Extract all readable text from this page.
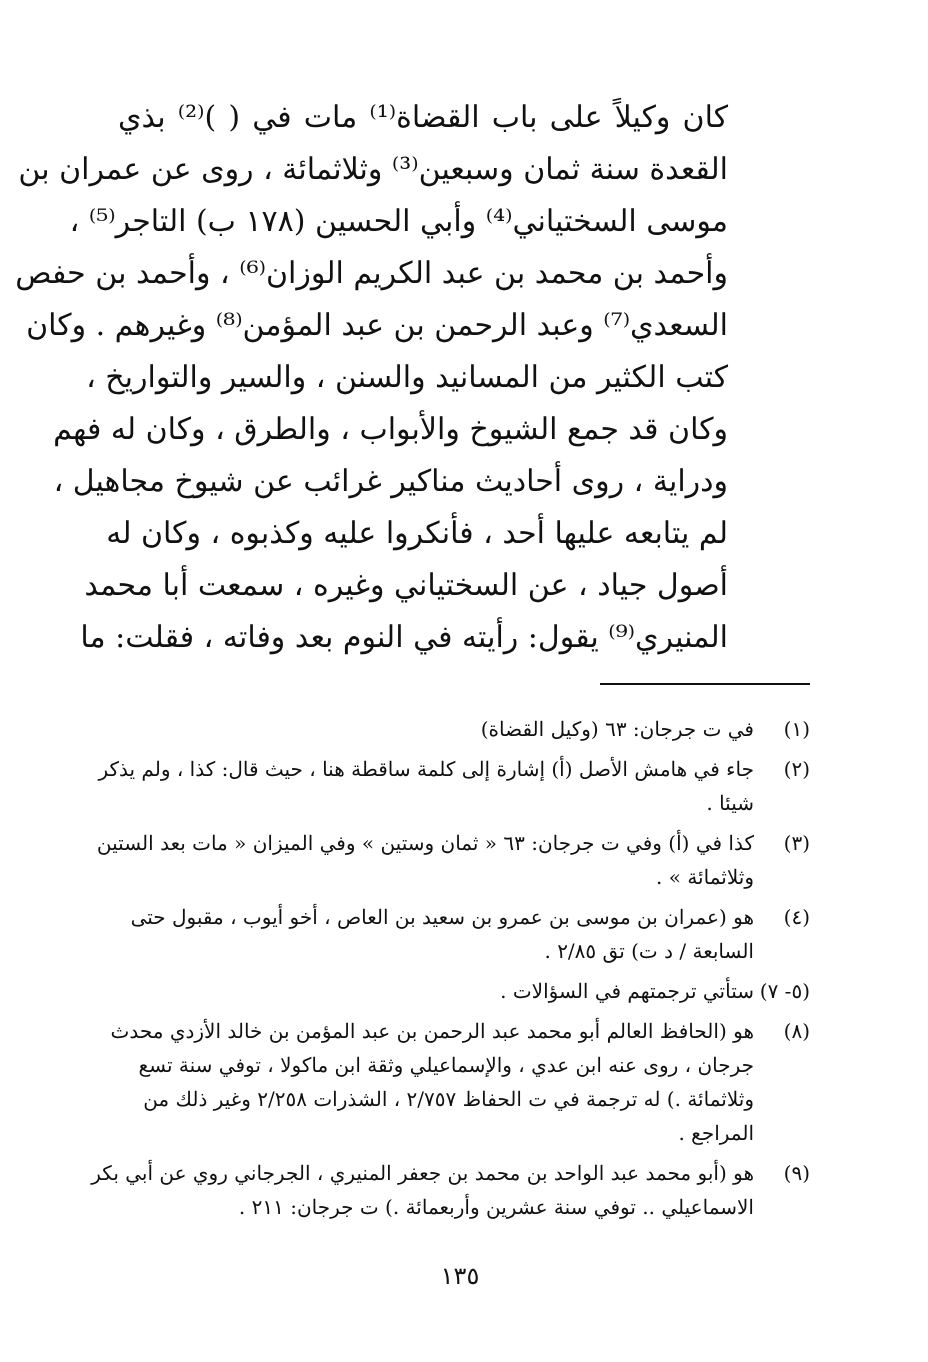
كان وكيلاً على باب القضاة⁽¹⁾ مات في ( )⁽²⁾ بذي
القعدة سنة ثمان وسبعين⁽³⁾ وثلاثمائة ، روى عن عمران بن
موسى السختياني⁽⁴⁾ وأبي الحسين (١٧٨ ب) التاجر⁽⁵⁾ ،
وأحمد بن محمد بن عبد الكريم الوزان⁽⁶⁾ ، وأحمد بن حفص
السعدي⁽⁷⁾ وعبد الرحمن بن عبد المؤمن⁽⁸⁾ وغيرهم . وكان
كتب الكثير من المسانيد والسنن ، والسير والتواريخ ،
وكان قد جمع الشيوخ والأبواب ، والطرق ، وكان له فهم
ودراية ، روى أحاديث مناكير غرائب عن شيوخ مجاهيل ،
لم يتابعه عليها أحد ، فأنكروا عليه وكذبوه ، وكان له
أصول جياد ، عن السختياني وغيره ، سمعت أبا محمد
المنيري⁽⁹⁾ يقول: رأيته في النوم بعد وفاته ، فقلت: ما
(١)
في ت جرجان: ٦٣ (وكيل القضاة)
(٢)
جاء في هامش الأصل (أ) إشارة إلى كلمة ساقطة هنا ، حيث قال: كذا ، ولم يذكر
شيئا .
(٣)
كذا في (أ) وفي ت جرجان: ٦٣ « ثمان وستين » وفي الميزان « مات بعد الستين
وثلاثمائة » .
(٤)
هو (عمران بن موسى بن عمرو بن سعيد بن العاص ، أخو أيوب ، مقبول حتى
السابعة / د ت) تق ٢/٨٥ .
(٥- ٧)
ستأتي ترجمتهم في السؤالات .
(٨)
هو (الحافظ العالم أبو محمد عبد الرحمن بن عبد المؤمن بن خالد الأزدي محدث
جرجان ، روى عنه ابن عدي ، والإسماعيلي وثقة ابن ماكولا ، توفي سنة تسع
وثلاثمائة .) له ترجمة في ت الحفاظ ٢/٧٥٧ ، الشذرات ٢/٢٥٨ وغير ذلك من
المراجع .
(٩)
هو (أبو محمد عبد الواحد بن محمد بن جعفر المنيري ، الجرجاني روي عن أبي بكر
الاسماعيلي .. توفي سنة عشرين وأربعمائة .) ت جرجان: ٢١١ .
١٣٥
